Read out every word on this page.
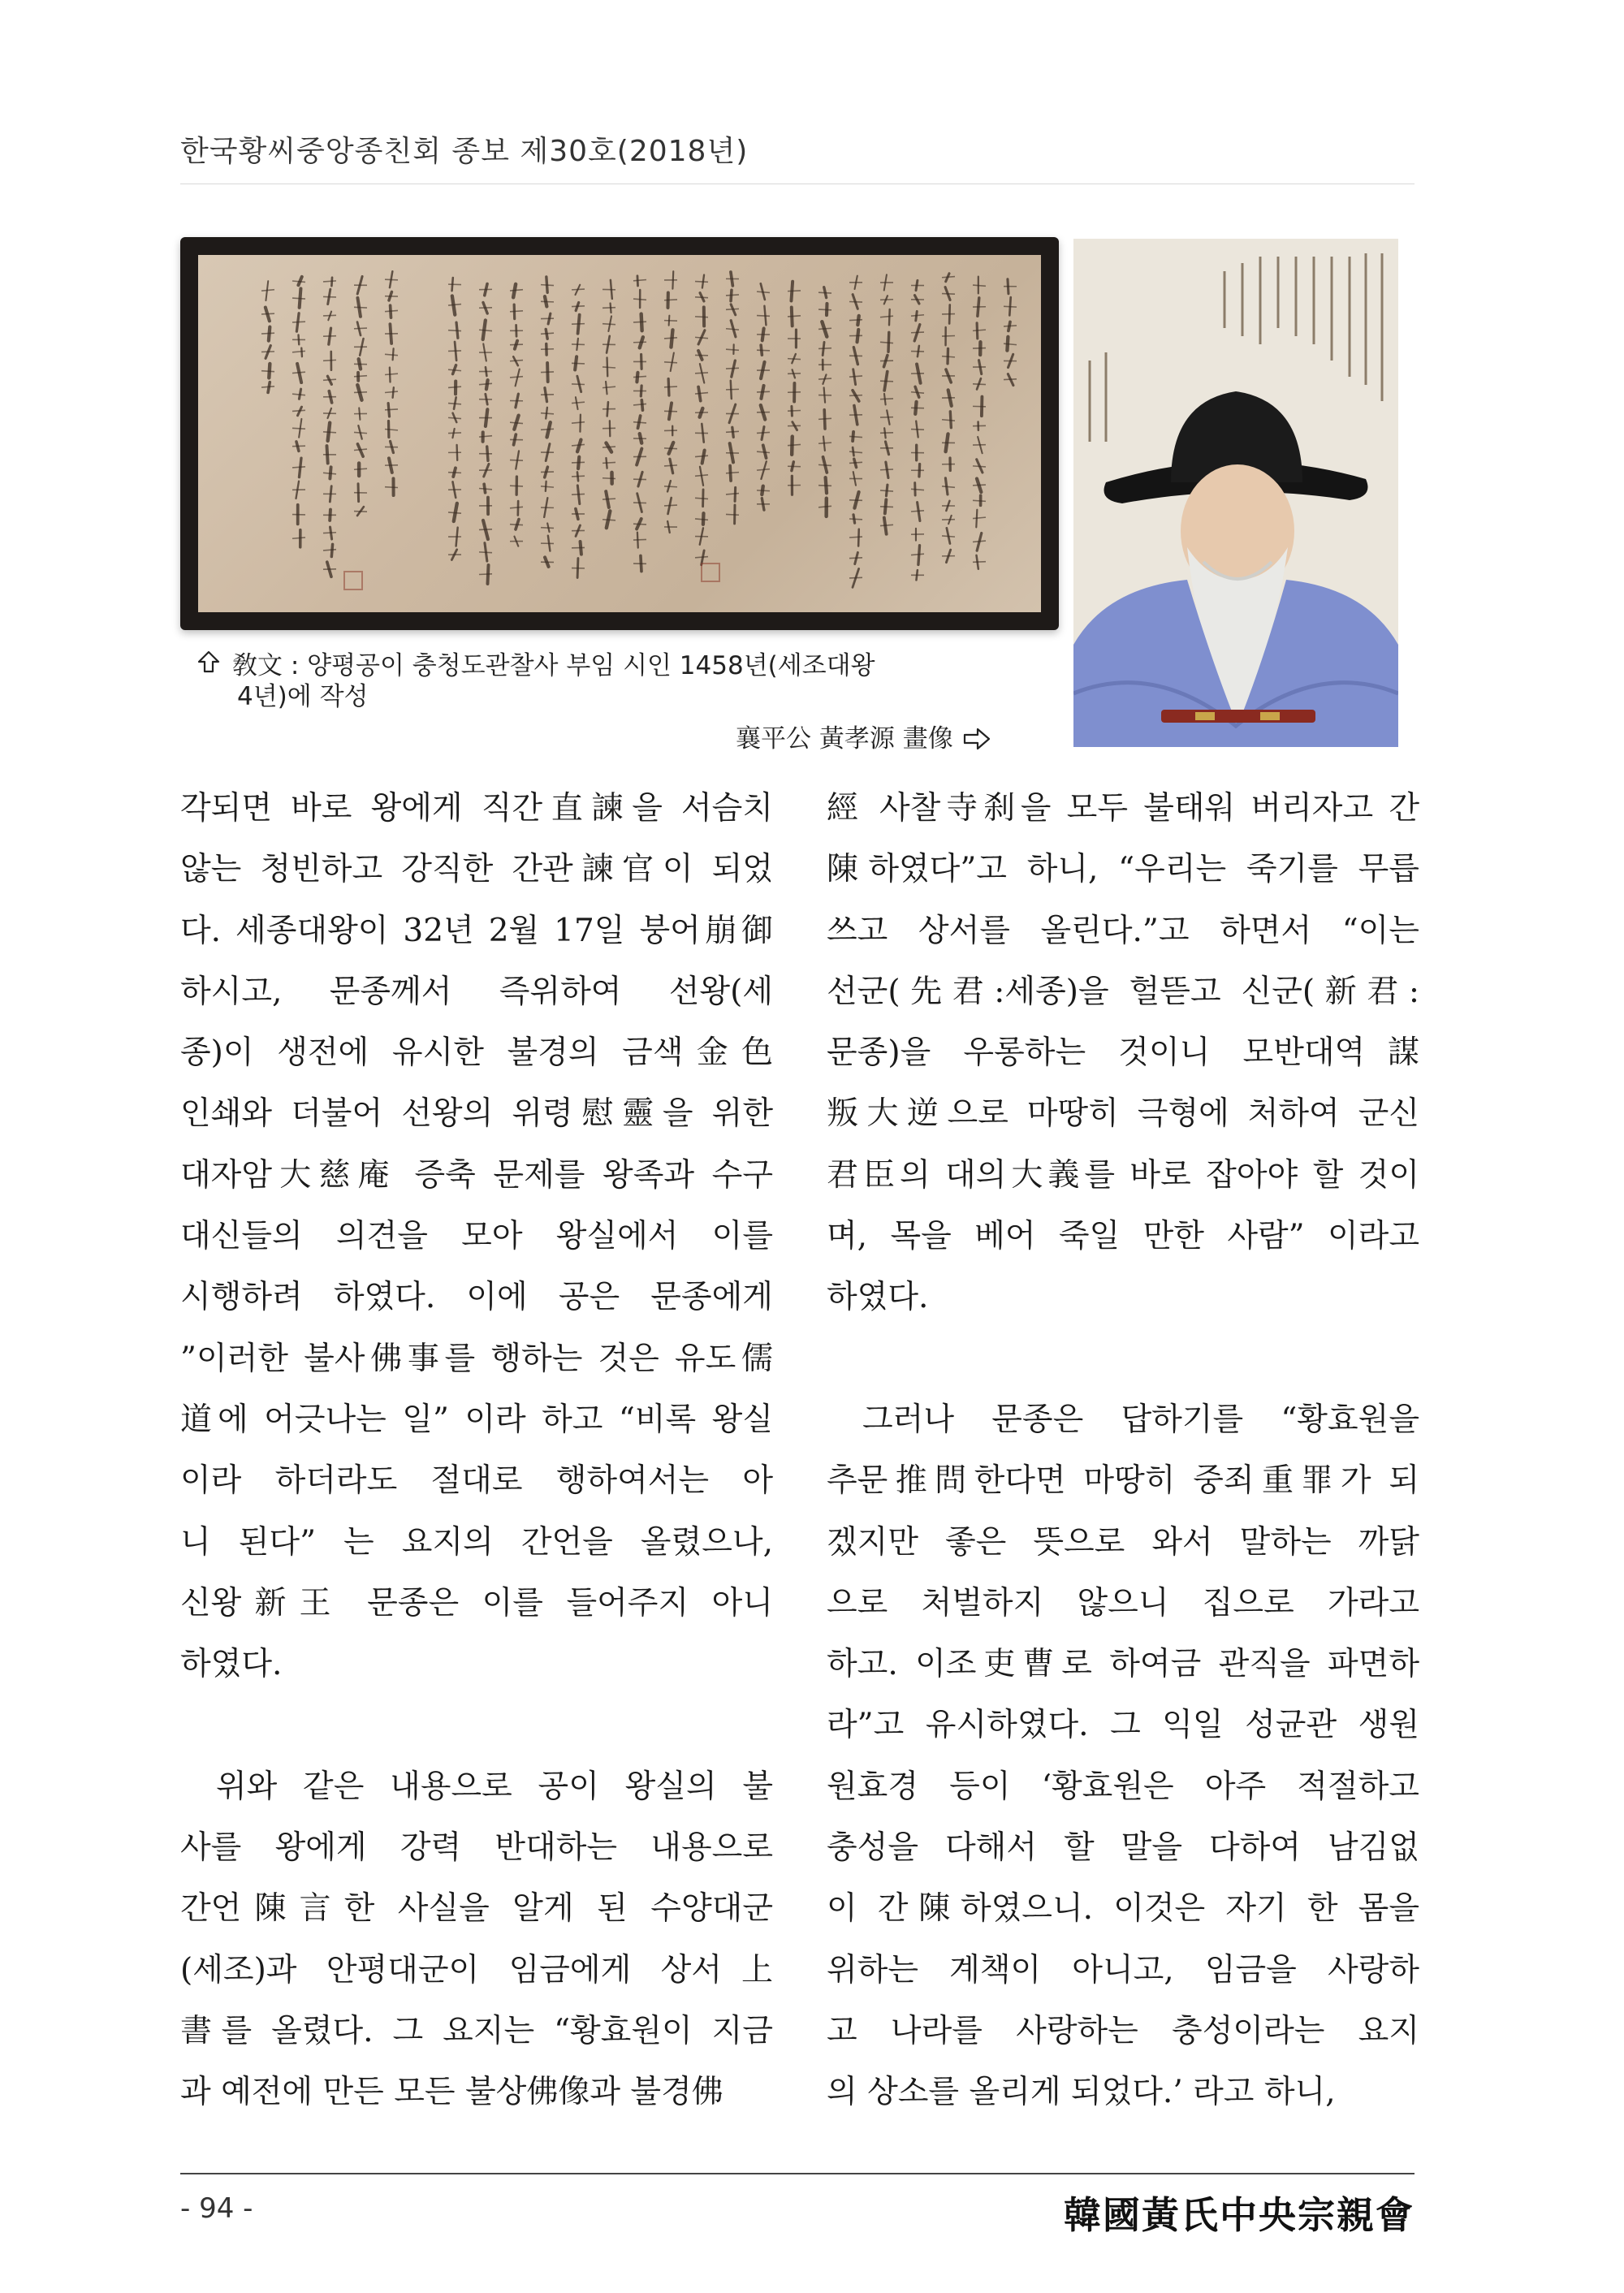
한국황씨중앙종친회 종보 제30호(2018년)
敎文 : 양평공이 충청도관찰사 부임 시인 1458년(세조대왕
4년)에 작성
襄平公 黃孝源 畫像

각되면 바로 왕에게 직간直諫을 서슴치

않는 청빈하고 강직한 간관諫官이 되었

다. 세종대왕이 32년 2월 17일 붕어崩御

하시고, 문종께서 즉위하여 선왕(세

종)이 생전에 유시한 불경의 금색金色

인쇄와 더불어 선왕의 위령慰靈을 위한

대자암大慈庵 증축 문제를 왕족과 수구

대신들의 의견을 모아 왕실에서 이를

시행하려 하였다. 이에 공은 문종에게

”이러한 불사佛事를 행하는 것은 유도儒

道에 어긋나는 일” 이라 하고 “비록 왕실

이라 하더라도 절대로 행하여서는 아

니 된다” 는 요지의 간언을 올렸으나,

신왕新王 문종은 이를 들어주지 아니

하였다.

위와 같은 내용으로 공이 왕실의 불

사를 왕에게 강력 반대하는 내용으로

간언陳言한 사실을 알게 된 수양대군

(세조)과 안평대군이 임금에게 상서上

書를 올렸다. 그 요지는 “황효원이 지금

과 예전에 만든 모든 불상佛像과 불경佛

經 사찰寺刹을 모두 불태워 버리자고 간

陳하였다”고 하니, “우리는 죽기를 무릅

쓰고 상서를 올린다.”고 하면서 “이는

선군(先君:세종)을 헐뜯고 신군(新君:

문종)을 우롱하는 것이니 모반대역謀

叛大逆으로 마땅히 극형에 처하여 군신

君臣의 대의大義를 바로 잡아야 할 것이

며, 목을 베어 죽일 만한 사람” 이라고

하였다.

그러나 문종은 답하기를 “황효원을

추문推問한다면 마땅히 중죄重罪가 되

겠지만 좋은 뜻으로 와서 말하는 까닭

으로 처벌하지 않으니 집으로 가라고

하고. 이조吏曹로 하여금 관직을 파면하

라”고 유시하였다. 그 익일 성균관 생원

원효경 등이 ‘황효원은 아주 적절하고

충성을 다해서 할 말을 다하여 남김없

이 간陳하였으니. 이것은 자기 한 몸을

위하는 계책이 아니고, 임금을 사랑하

고 나라를 사랑하는 충성이라는 요지

의 상소를 올리게 되었다.’ 라고 하니,

- 94 -	韓國黃氏中央宗親會
